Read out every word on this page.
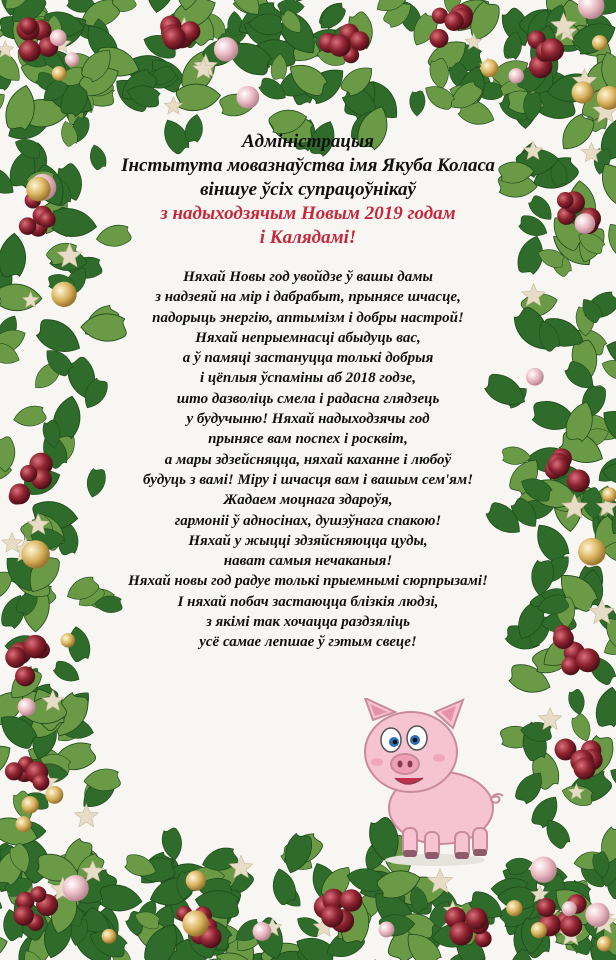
Адміністрацыя
Інстытута мовазнаўства імя Якуба Коласа
віншуе ўсіх супрацоўнікаў
з надыходзячым Новым 2019 годам
і Калядамі!
Няхай Новы год увойдзе ў вашы дамы
з надзеяй на мір і дабрабыт, прынясе шчасце,
падорыць энергію, аптымізм і добры настрой!
Няхай непрыемнасці абыдуць вас,
а ў памяці застануцца толькі добрыя
і цёплыя ўспаміны аб 2018 годзе,
што дазволіць смела і радасна глядзець
у будучыню! Няхай надыходзячы год
прынясе вам поспех і росквіт,
а мары здзейсняцца, няхай каханне і любоў
будуць з вамі! Міру і шчасця вам і вашым сем'ям!
Жадаем моцнага здароўя,
гармоніі ў адносінах, душэўнага спакою!
Няхай у жыцці здзяйсняюцца цуды,
нават самыя нечаканыя!
Няхай новы год радуе толькі прыемнымі сюрпрызамі!
І няхай побач застаюцца блізкія людзі,
з якімі так хочацца раздзяліць
усё самае лепшае ў гэтым свеце!
